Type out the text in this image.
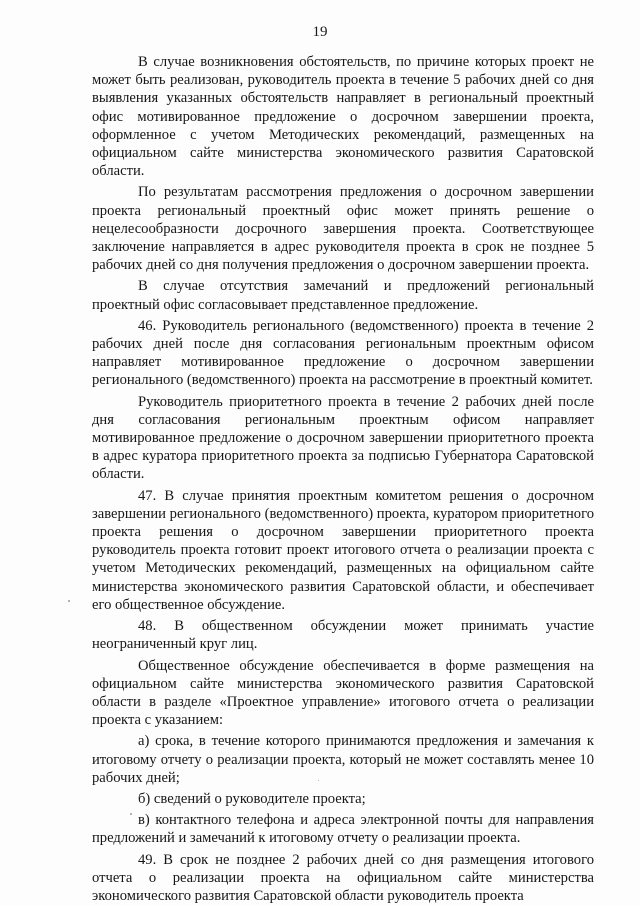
19

В случае возникновения обстоятельств, по причине которых проект не может быть реализован, руководитель проекта в течение 5 рабочих дней со дня выявления указанных обстоятельств направляет в региональный проектный офис мотивированное предложение о досрочном завершении проекта, оформленное с учетом Методических рекомендаций, размещенных на официальном сайте министерства экономического развития Саратовской области.

По результатам рассмотрения предложения о досрочном завершении проекта региональный проектный офис может принять решение о нецелесообразности досрочного завершения проекта. Соответствующее заключение направляется в адрес руководителя проекта в срок не позднее 5 рабочих дней со дня получения предложения о досрочном завершении проекта.

В случае отсутствия замечаний и предложений региональный проектный офис согласовывает представленное предложение.

46. Руководитель регионального (ведомственного) проекта в течение 2 рабочих дней после дня согласования региональным проектным офисом направляет мотивированное предложение о досрочном завершении регионального (ведомственного) проекта на рассмотрение в проектный комитет.

Руководитель приоритетного проекта в течение 2 рабочих дней после дня согласования региональным проектным офисом направляет мотивированное предложение о досрочном завершении приоритетного проекта в адрес куратора приоритетного проекта за подписью Губернатора Саратовской области.

47. В случае принятия проектным комитетом решения о досрочном завершении регионального (ведомственного) проекта, куратором приоритетного проекта решения о досрочном завершении приоритетного проекта руководитель проекта готовит проект итогового отчета о реализации проекта с учетом Методических рекомендаций, размещенных на официальном сайте министерства экономического развития Саратовской области, и обеспечивает его общественное обсуждение.

48. В общественном обсуждении может принимать участие неограниченный круг лиц.

Общественное обсуждение обеспечивается в форме размещения на официальном сайте министерства экономического развития Саратовской области в разделе «Проектное управление» итогового отчета о реализации проекта с указанием:

а) срока, в течение которого принимаются предложения и замечания к итоговому отчету о реализации проекта, который не может составлять менее 10 рабочих дней;

б) сведений о руководителе проекта;

в) контактного телефона и адреса электронной почты для направления предложений и замечаний к итоговому отчету о реализации проекта.

49. В срок не позднее 2 рабочих дней со дня размещения итогового отчета о реализации проекта на официальном сайте министерства экономического развития Саратовской области руководитель проекта
